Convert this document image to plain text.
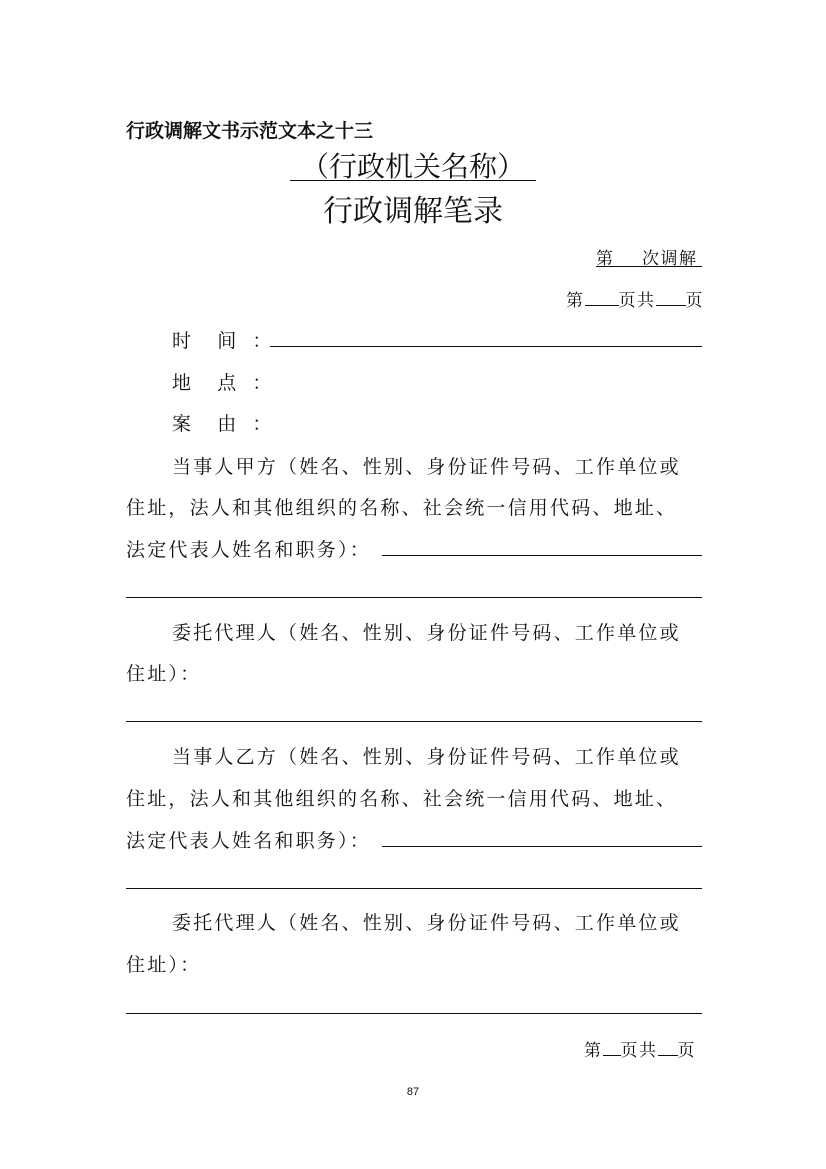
行政调解文书示范文本之十三
（行政机关名称）
行政调解笔录
第 次调解
第 页共 页
时 间 ：
地 点 ：
案 由 ：
当事人甲方（姓名、性别、身份证件号码、工作单位或
住址，法人和其他组织的名称、社会统一信用代码、地址、
法定代表人姓名和职务）：
委托代理人（姓名、性别、身份证件号码、工作单位或
住址）：
当事人乙方（姓名、性别、身份证件号码、工作单位或
住址，法人和其他组织的名称、社会统一信用代码、地址、
法定代表人姓名和职务）：
委托代理人（姓名、性别、身份证件号码、工作单位或
住址）：
第 页共 页
87
